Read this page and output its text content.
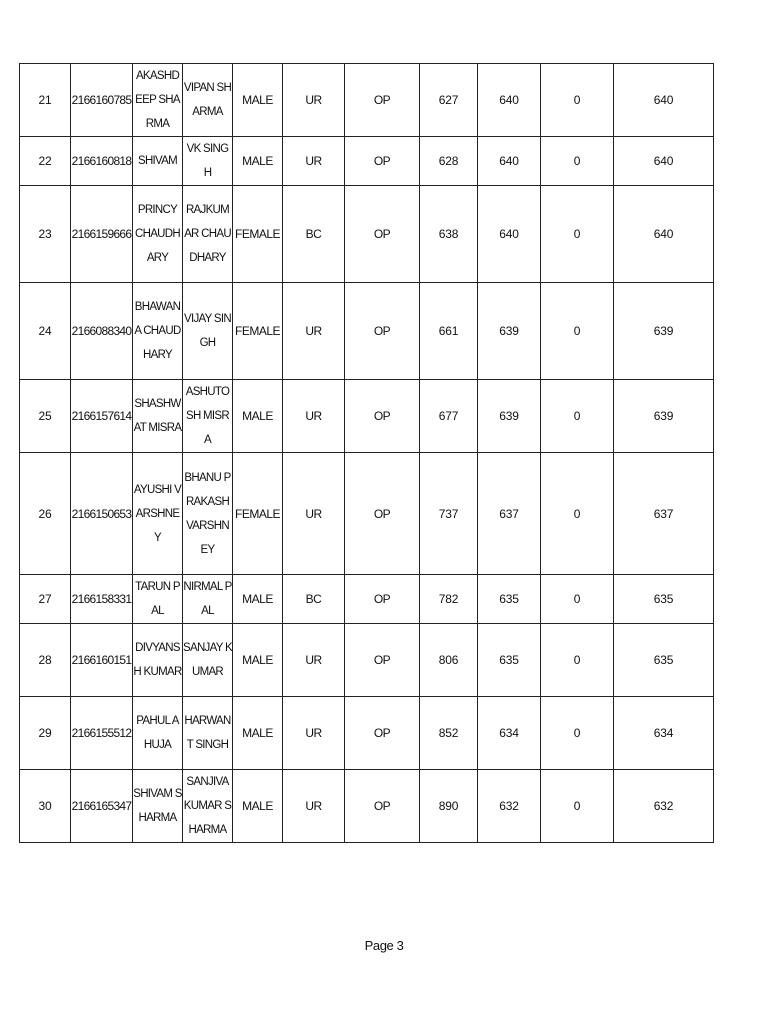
21	2166160785	AKASHDEEP SHARMA	VIPAN SHARMA	MALE	UR	OP	627	640	0	640
22	2166160818	SHIVAM	VK SINGH	MALE	UR	OP	628	640	0	640
23	2166159666	PRINCY CHAUDHARY	RAJKUMAR CHAUDHARY	FEMALE	BC	OP	638	640	0	640
24	2166088340	BHAWANA CHAUDHARY	VIJAY SINGH	FEMALE	UR	OP	661	639	0	639
25	2166157614	SHASHWAT MISRA	ASHUTOSH MISRA	MALE	UR	OP	677	639	0	639
26	2166150653	AYUSHI VARSHNEY	BHANU PRAKASH VARSHNEY	FEMALE	UR	OP	737	637	0	637
27	2166158331	TARUN PAL	NIRMAL PAL	MALE	BC	OP	782	635	0	635
28	2166160151	DIVYANSH KUMAR	SANJAY KUMAR	MALE	UR	OP	806	635	0	635
29	2166155512	PAHUL AHUJA	HARWANT SINGH	MALE	UR	OP	852	634	0	634
30	2166165347	SHIVAM SHARMA	SANJIVA KUMAR SHARMA	MALE	UR	OP	890	632	0	632
Page 3
